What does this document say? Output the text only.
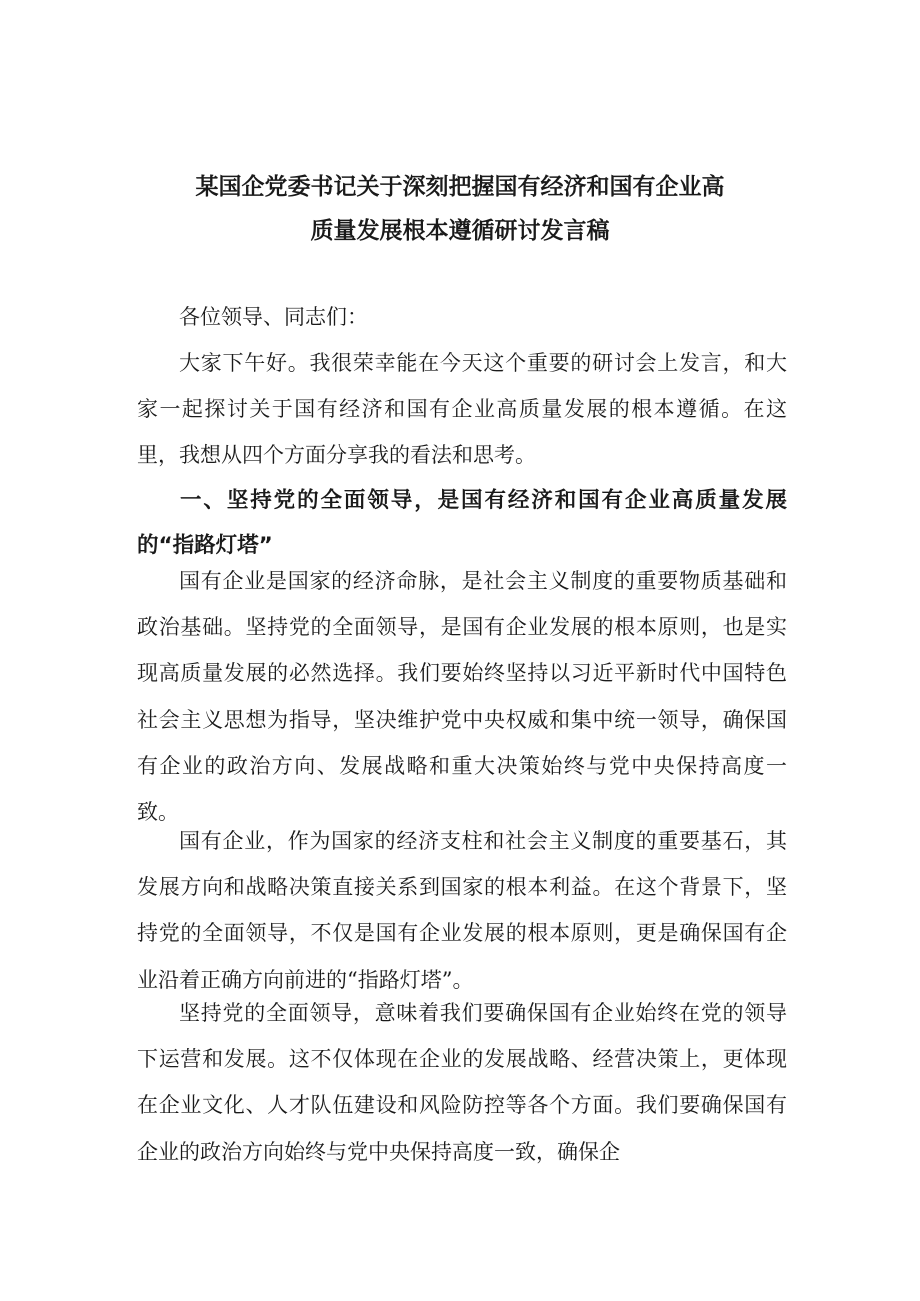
某国企党委书记关于深刻把握国有经济和国有企业高
质量发展根本遵循研讨发言稿

各位领导、同志们：

大家下午好。我很荣幸能在今天这个重要的研讨会上发言，和大家一起探讨关于国有经济和国有企业高质量发展的根本遵循。在这里，我想从四个方面分享我的看法和思考。

一、坚持党的全面领导，是国有经济和国有企业高质量发展的“指路灯塔”

国有企业是国家的经济命脉，是社会主义制度的重要物质基础和政治基础。坚持党的全面领导，是国有企业发展的根本原则，也是实现高质量发展的必然选择。我们要始终坚持以习近平新时代中国特色社会主义思想为指导，坚决维护党中央权威和集中统一领导，确保国有企业的政治方向、发展战略和重大决策始终与党中央保持高度一致。

国有企业，作为国家的经济支柱和社会主义制度的重要基石，其发展方向和战略决策直接关系到国家的根本利益。在这个背景下，坚持党的全面领导，不仅是国有企业发展的根本原则，更是确保国有企业沿着正确方向前进的“指路灯塔”。

坚持党的全面领导，意味着我们要确保国有企业始终在党的领导下运营和发展。这不仅体现在企业的发展战略、经营决策上，更体现在企业文化、人才队伍建设和风险防控等各个方面。我们要确保国有企业的政治方向始终与党中央保持高度一致，确保企
